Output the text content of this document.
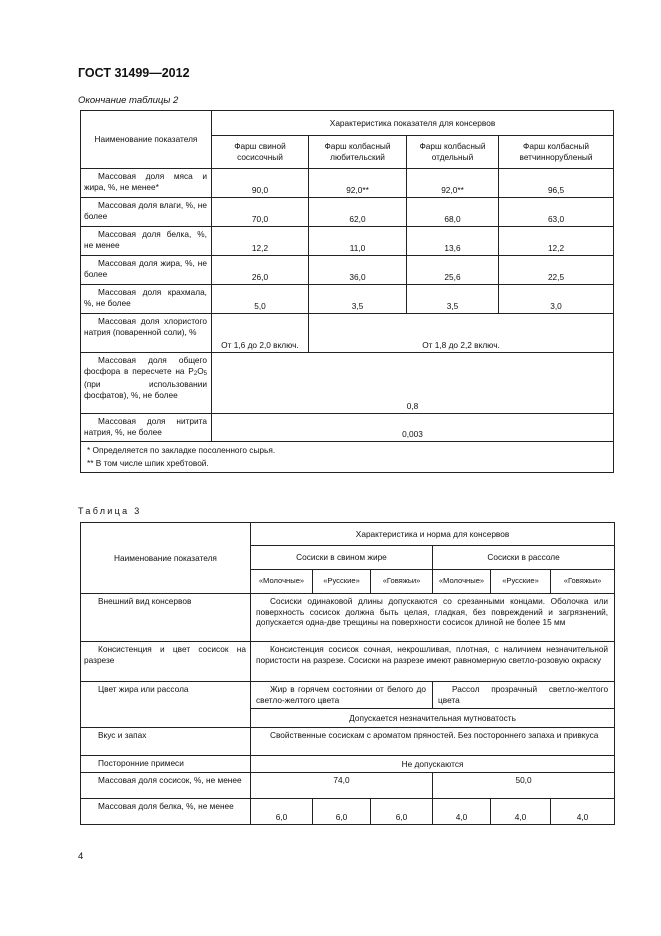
ГОСТ 31499—2012
Окончание таблицы 2
Наименование показателя	Характеристика показателя для консервов			
	Фарш свиной сосисочный	Фарш колбасный любительский	Фарш колбасный отдельный	Фарш колбасный ветчиннорубленый
Массовая доля мяса и жира, %, не менее*	90,0	92,0**	92,0**	96,5
Массовая доля влаги, %, не более	70,0	62,0	68,0	63,0
Массовая доля белка, %, не менее	12,2	11,0	13,6	12,2
Массовая доля жира, %, не более	26,0	36,0	25,6	22,5
Массовая доля крахмала, %, не более	5,0	3,5	3,5	3,0
Массовая доля хлористого натрия (поваренной соли), %	От 1,6 до 2,0 включ.	От 1,8 до 2,2 включ.		
Массовая доля общего фосфора в пересчете на P2O5 (при использовании фосфатов), %, не более	0,8			
Массовая доля нитрита натрия, %, не более	0,003			

* Определяется по закладке посоленного сырья.
** В том числе шпик хребтовой.				
Таблица 3
Наименование показателя	Характеристика и норма для консервов					
	Сосиски в свином жире			Сосиски в рассоле		
	«Молочные»	«Русские»	«Говяжьи»	«Молочные»	«Русские»	«Говяжьи»
Внешний вид консервов	Сосиски одинаковой длины допускаются со срезанными концами. Оболочка или поверхность сосисок должна быть целая, гладкая, без повреждений и загрязнений, допускается одна-две трещины на поверхности сосисок длиной не более 15 мм					
Консистенция и цвет сосисок на разрезе	Консистенция сосисок сочная, некрошливая, плотная, с наличием незначительной пористости на разрезе. Сосиски на разрезе имеют равномерную светло-розовую окраску					
Цвет жира или рассола	Жир в горячем состоянии от белого до светло-желтого цвета			Рассол прозрачный светло-желтого цвета		
	Допускается незначительная мутноватость					
Вкус и запах	Свойственные сосискам с ароматом пряностей. Без постороннего запаха и привкуса					
Посторонние примеси	Не допускаются					
Массовая доля сосисок, %, не менее	74,0			50,0		
Массовая доля белка, %, не менее	6,0	6,0	6,0	4,0	4,0	4,0
4
